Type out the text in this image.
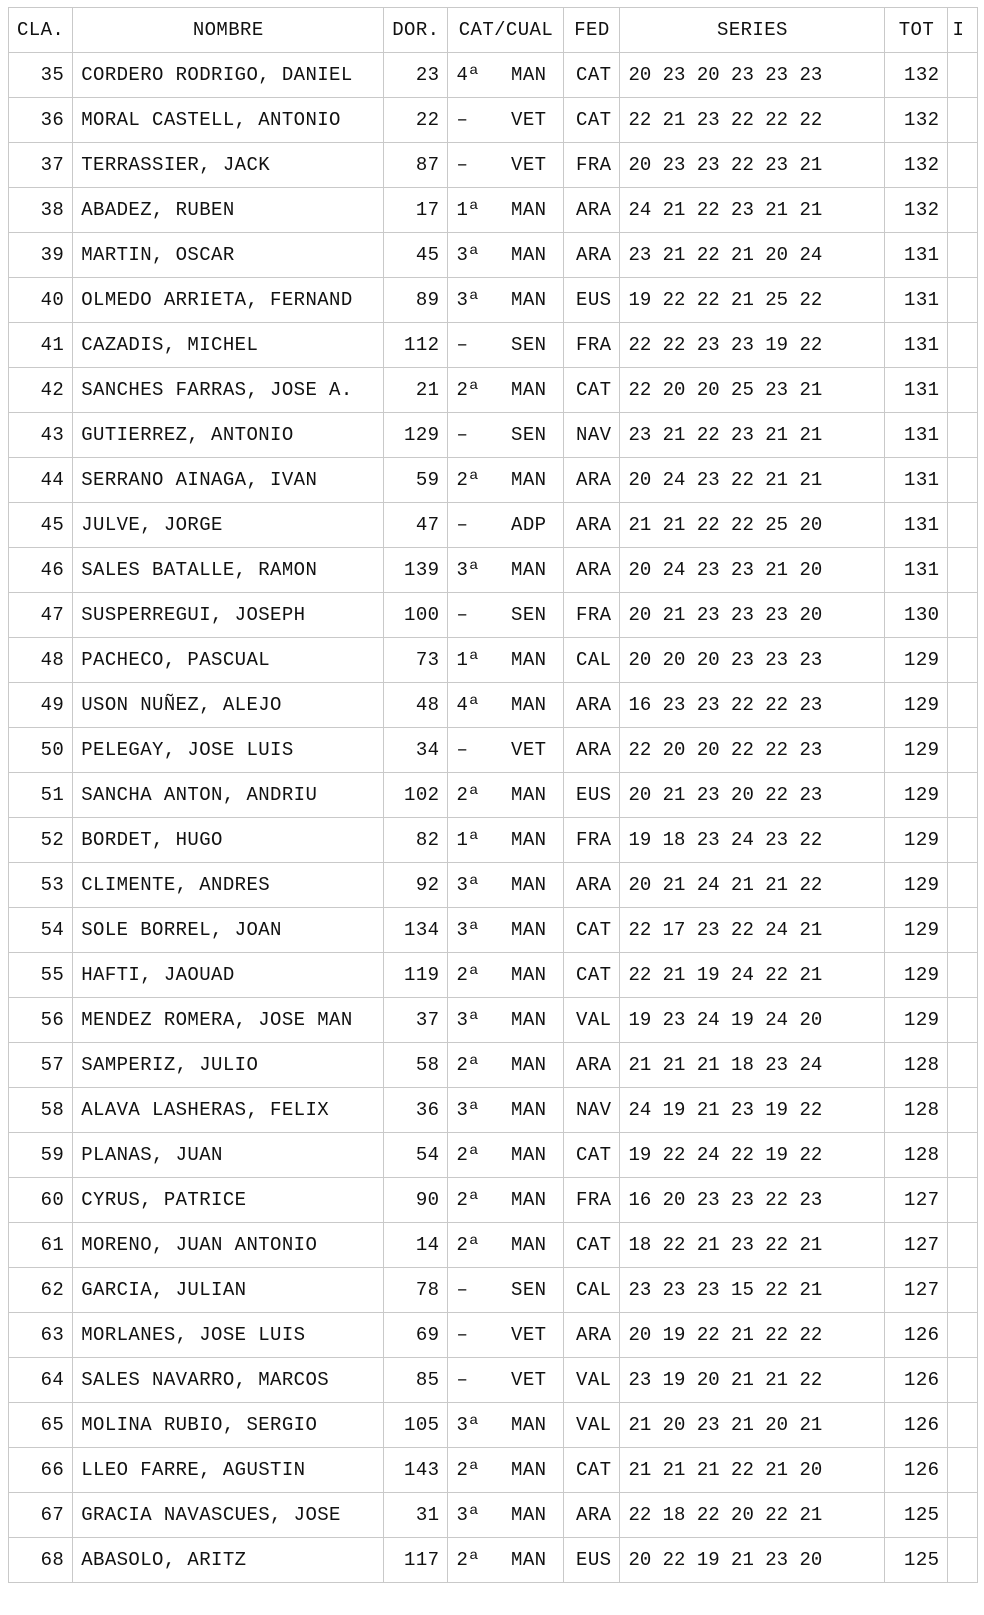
CLA.	NOMBRE	DOR.	CAT/CUAL	FED	SERIES	TOT	I
35	CORDERO RODRIGO, DANIEL	23	4ª MAN	CAT	20 23 20 23 23 23	132	
36	MORAL CASTELL, ANTONIO	22	– VET	CAT	22 21 23 22 22 22	132	
37	TERRASSIER, JACK	87	– VET	FRA	20 23 23 22 23 21	132	
38	ABADEZ, RUBEN	17	1ª MAN	ARA	24 21 22 23 21 21	132	
39	MARTIN, OSCAR	45	3ª MAN	ARA	23 21 22 21 20 24	131	
40	OLMEDO ARRIETA, FERNAND	89	3ª MAN	EUS	19 22 22 21 25 22	131	
41	CAZADIS, MICHEL	112	– SEN	FRA	22 22 23 23 19 22	131	
42	SANCHES FARRAS, JOSE A.	21	2ª MAN	CAT	22 20 20 25 23 21	131	
43	GUTIERREZ, ANTONIO	129	– SEN	NAV	23 21 22 23 21 21	131	
44	SERRANO AINAGA, IVAN	59	2ª MAN	ARA	20 24 23 22 21 21	131	
45	JULVE, JORGE	47	– ADP	ARA	21 21 22 22 25 20	131	
46	SALES BATALLE, RAMON	139	3ª MAN	ARA	20 24 23 23 21 20	131	
47	SUSPERREGUI, JOSEPH	100	– SEN	FRA	20 21 23 23 23 20	130	
48	PACHECO, PASCUAL	73	1ª MAN	CAL	20 20 20 23 23 23	129	
49	USON NUÑEZ, ALEJO	48	4ª MAN	ARA	16 23 23 22 22 23	129	
50	PELEGAY, JOSE LUIS	34	– VET	ARA	22 20 20 22 22 23	129	
51	SANCHA ANTON, ANDRIU	102	2ª MAN	EUS	20 21 23 20 22 23	129	
52	BORDET, HUGO	82	1ª MAN	FRA	19 18 23 24 23 22	129	
53	CLIMENTE, ANDRES	92	3ª MAN	ARA	20 21 24 21 21 22	129	
54	SOLE BORREL, JOAN	134	3ª MAN	CAT	22 17 23 22 24 21	129	
55	HAFTI, JAOUAD	119	2ª MAN	CAT	22 21 19 24 22 21	129	
56	MENDEZ ROMERA, JOSE MAN	37	3ª MAN	VAL	19 23 24 19 24 20	129	
57	SAMPERIZ, JULIO	58	2ª MAN	ARA	21 21 21 18 23 24	128	
58	ALAVA LASHERAS, FELIX	36	3ª MAN	NAV	24 19 21 23 19 22	128	
59	PLANAS, JUAN	54	2ª MAN	CAT	19 22 24 22 19 22	128	
60	CYRUS, PATRICE	90	2ª MAN	FRA	16 20 23 23 22 23	127	
61	MORENO, JUAN ANTONIO	14	2ª MAN	CAT	18 22 21 23 22 21	127	
62	GARCIA, JULIAN	78	– SEN	CAL	23 23 23 15 22 21	127	
63	MORLANES, JOSE LUIS	69	– VET	ARA	20 19 22 21 22 22	126	
64	SALES NAVARRO, MARCOS	85	– VET	VAL	23 19 20 21 21 22	126	
65	MOLINA RUBIO, SERGIO	105	3ª MAN	VAL	21 20 23 21 20 21	126	
66	LLEO FARRE, AGUSTIN	143	2ª MAN	CAT	21 21 21 22 21 20	126	
67	GRACIA NAVASCUES, JOSE	31	3ª MAN	ARA	22 18 22 20 22 21	125	
68	ABASOLO, ARITZ	117	2ª MAN	EUS	20 22 19 21 23 20	125	
